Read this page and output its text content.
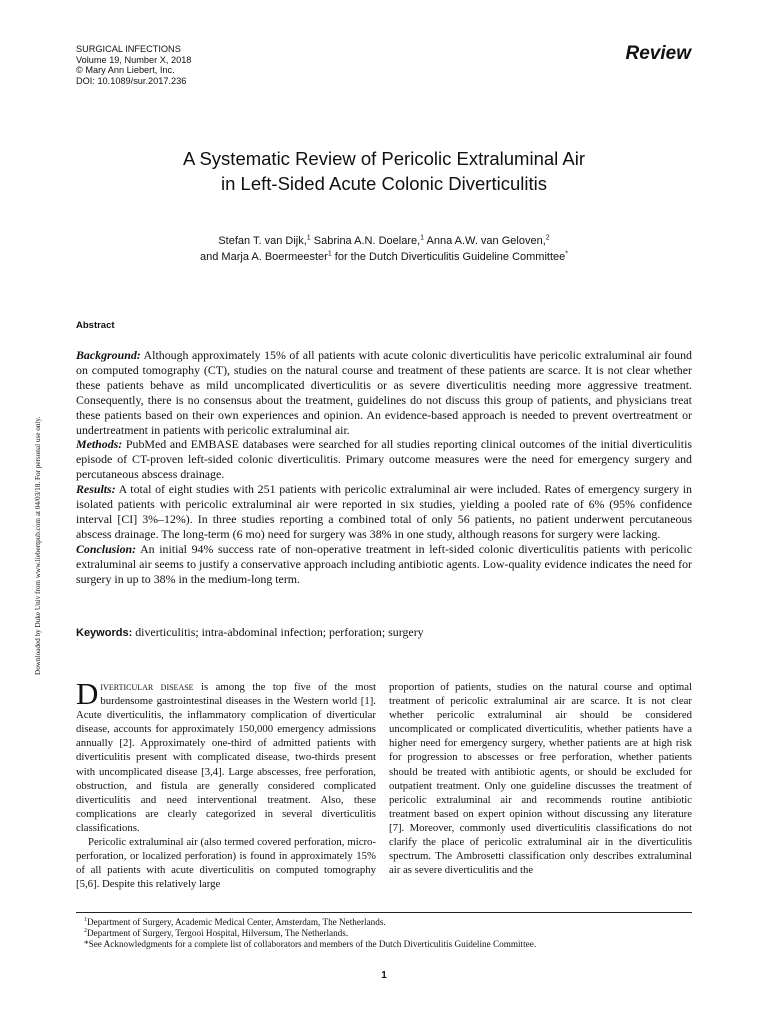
SURGICAL INFECTIONS
Volume 19, Number X, 2018
© Mary Ann Liebert, Inc.
DOI: 10.1089/sur.2017.236
Review
A Systematic Review of Pericolic Extraluminal Air
in Left-Sided Acute Colonic Diverticulitis
Stefan T. van Dijk,$^1$ Sabrina A.N. Doelare,$^1$ Anna A.W. van Geloven,$^2$
and Marja A. Boermeester$^1$ for the Dutch Diverticulitis Guideline Committee*
Downloaded by Duke Univ from www.liebertpub.com at 04/03/18. For personal use only.
Abstract

Background: Although approximately 15% of all patients with acute colonic diverticulitis have pericolic extraluminal air found on computed tomography (CT), studies on the natural course and treatment of these patients are scarce. It is not clear whether these patients behave as mild uncomplicated diverticulitis or as severe diverticulitis needing more aggressive treatment. Consequently, there is no consensus about the treatment, guidelines do not discuss this group of patients, and physicians treat these patients based on their own experiences and opinion. An evidence-based approach is needed to prevent overtreatment or undertreatment in patients with pericolic extraluminal air.

Methods: PubMed and EMBASE databases were searched for all studies reporting clinical outcomes of the initial diverticulitis episode of CT-proven left-sided colonic diverticulitis. Primary outcome measures were the need for emergency surgery and percutaneous abscess drainage.

Results: A total of eight studies with 251 patients with pericolic extraluminal air were included. Rates of emergency surgery in isolated patients with pericolic extraluminal air were reported in six studies, yielding a pooled rate of 6% (95% confidence interval [CI] 3%–12%). In three studies reporting a combined total of only 56 patients, no patient underwent percutaneous abscess drainage. The long-term (6 mo) need for surgery was 38% in one study, although reasons for surgery were lacking.

Conclusion: An initial 94% success rate of non-operative treatment in left-sided colonic diverticulitis patients with pericolic extraluminal air seems to justify a conservative approach including antibiotic agents. Low-quality evidence indicates the need for surgery in up to 38% in the medium-long term.

Keywords: diverticulitis; intra-abdominal infection; perforation; surgery

Diverticular disease is among the top five of the most burdensome gastrointestinal diseases in the Western world [1]. Acute diverticulitis, the inflammatory complication of diverticular disease, accounts for approximately 150,000 emergency admissions annually [2]. Approximately one-third of admitted patients with diverticulitis present with complicated disease, two-thirds present with uncomplicated disease [3,4]. Large abscesses, free perforation, obstruction, and fistula are generally considered complicated diverticulitis and need interventional treatment. Also, these complications are clearly categorized in several diverticulitis classifications.

Pericolic extraluminal air (also termed covered perforation, micro- perforation, or localized perforation) is found in approximately 15% of all patients with acute diverticulitis on computed tomography [5,6]. Despite this relatively large

proportion of patients, studies on the natural course and optimal treatment of pericolic extraluminal air are scarce. It is not clear whether pericolic extraluminal air should be considered uncomplicated or complicated diverticulitis, whether patients have a higher need for emergency surgery, whether patients are at high risk for progression to abscesses or free perforation, whether patients should be treated with antibiotic agents, or should be excluded for outpatient treatment. Only one guideline discusses the treatment of pericolic extraluminal air and recommends routine antibiotic treatment based on expert opinion without discussing any literature [7]. Moreover, commonly used diverticulitis classifications do not clarify the place of pericolic extraluminal air in the diverticulitis spectrum. The Ambrosetti classification only describes extraluminal air as severe diverticulitis and the

$^1$Department of Surgery, Academic Medical Center, Amsterdam, The Netherlands.
$^2$Department of Surgery, Tergooi Hospital, Hilversum, The Netherlands.
*See Acknowledgments for a complete list of collaborators and members of the Dutch Diverticulitis Guideline Committee.
1
